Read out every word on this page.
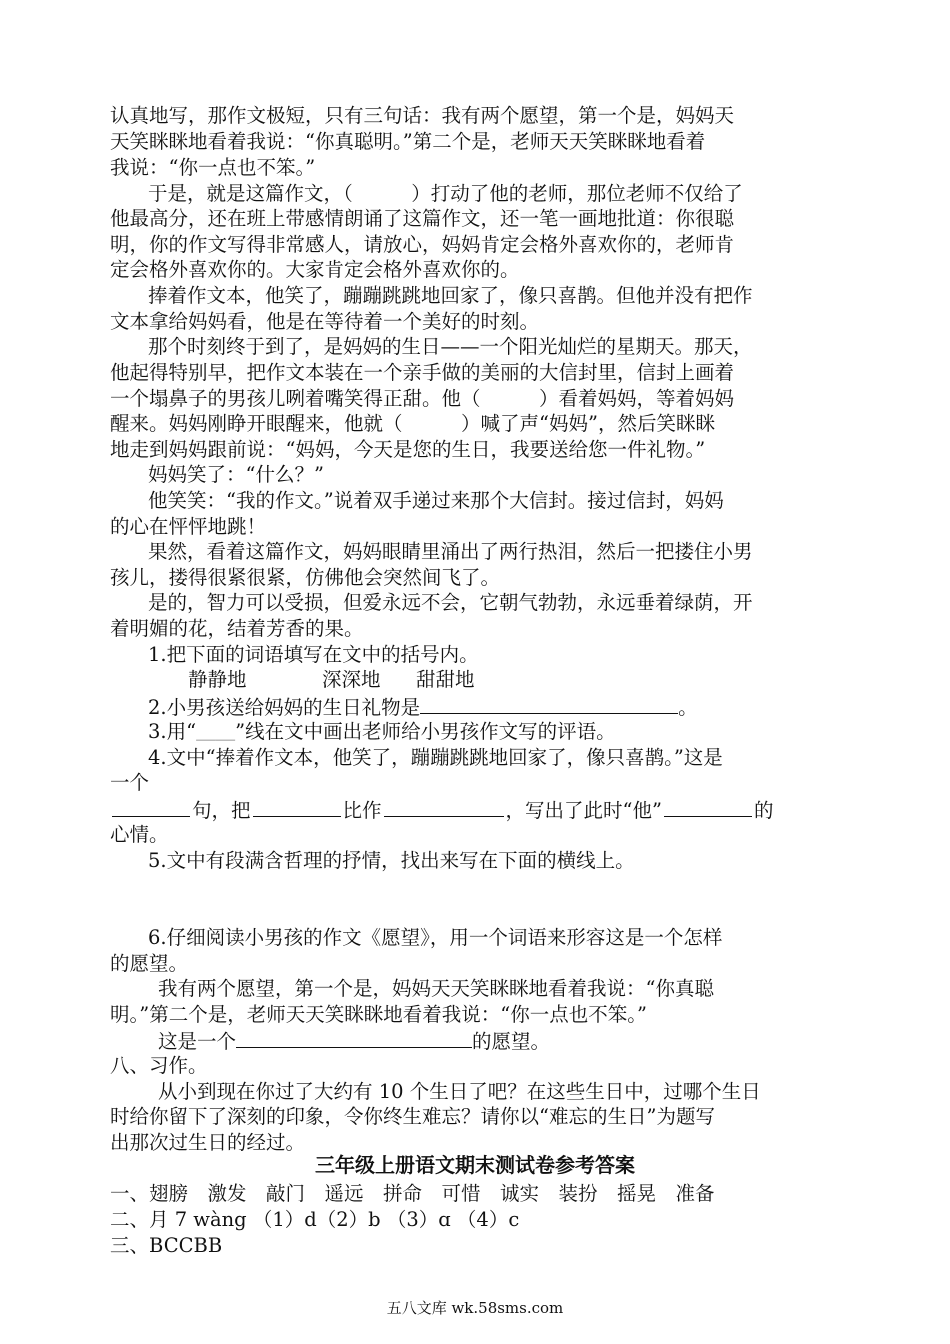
认真地写，那作文极短，只有三句话：我有两个愿望，第一个是，妈妈天
天笑眯眯地看着我说：“你真聪明。”第二个是，老师天天笑眯眯地看着
我说：“你一点也不笨。”
于是，就是这篇作文，（　　　）打动了他的老师，那位老师不仅给了
他最高分，还在班上带感情朗诵了这篇作文，还一笔一画地批道：你很聪
明，你的作文写得非常感人，请放心，妈妈肯定会格外喜欢你的，老师肯
定会格外喜欢你的。大家肯定会格外喜欢你的。
捧着作文本，他笑了，蹦蹦跳跳地回家了，像只喜鹊。但他并没有把作
文本拿给妈妈看，他是在等待着一个美好的时刻。
那个时刻终于到了，是妈妈的生日——一个阳光灿烂的星期天。那天，
他起得特别早，把作文本装在一个亲手做的美丽的大信封里，信封上画着
一个塌鼻子的男孩儿咧着嘴笑得正甜。他（　　　）看着妈妈，等着妈妈
醒来。妈妈刚睁开眼醒来，他就（　　　）喊了声“妈妈”，然后笑眯眯
地走到妈妈跟前说：“妈妈，今天是您的生日，我要送给您一件礼物。”
妈妈笑了：“什么？”
他笑笑：“我的作文。”说着双手递过来那个大信封。接过信封，妈妈
的心在怦怦地跳！
果然，看着这篇作文，妈妈眼睛里涌出了两行热泪，然后一把搂住小男
孩儿，搂得很紧很紧，仿佛他会突然间飞了。
是的，智力可以受损，但爱永远不会，它朝气勃勃，永远垂着绿荫，开
着明媚的花，结着芳香的果。
1.把下面的词语填写在文中的括号内。
静静地	深深地 甜甜地
2.小男孩送给妈妈的生日礼物是	。
3.用“＿＿”线在文中画出老师给小男孩作文写的评语。
4.文中“捧着作文本，他笑了，蹦蹦跳跳地回家了，像只喜鹊。”这是
一个
句，把	比作	，写出了此时“他”	的
心情。
5.文中有段满含哲理的抒情，找出来写在下面的横线上。
6.仔细阅读小男孩的作文《愿望》，用一个词语来形容这是一个怎样
的愿望。
我有两个愿望，第一个是，妈妈天天笑眯眯地看着我说：“你真聪
明。”第二个是，老师天天笑眯眯地看着我说：“你一点也不笨。”
这是一个	的愿望。
八、习作。
从小到现在你过了大约有 10 个生日了吧？在这些生日中，过哪个生日
时给你留下了深刻的印象，令你终生难忘？请你以“难忘的生日”为题写
出那次过生日的经过。
三年级上册语文期末测试卷参考答案
一、翅膀　激发　敲门　遥远　拼命　可惜　诚实　装扮　摇晃　准备
二、月 7 wàng （1）d（2）b （3）ɑ （4）c
三、BCCBB
五八文库 wk.58sms.com
